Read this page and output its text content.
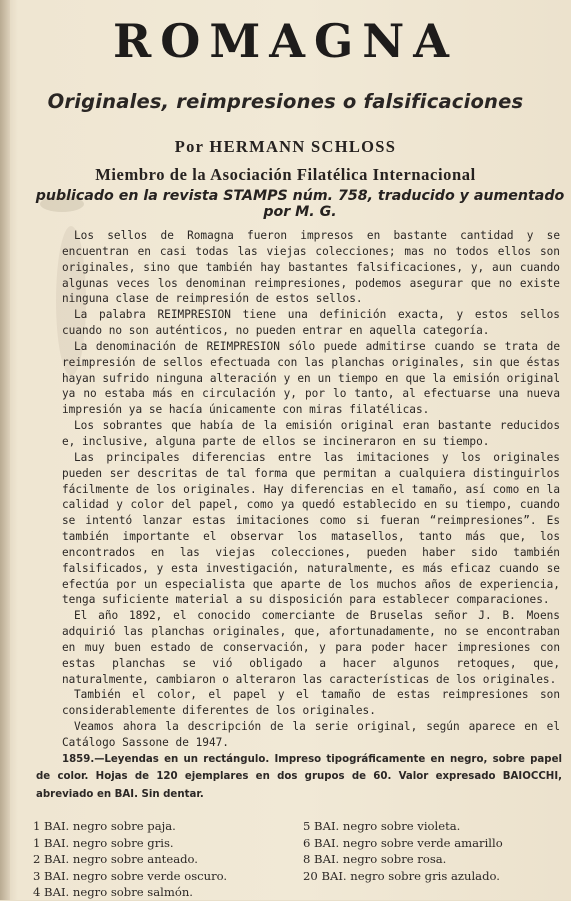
ROMAGNA
Originales, reimpresiones o falsificaciones
Por HERMANN SCHLOSS
Miembro de la Asociación Filatélica Internacional
publicado en la revista STAMPS núm. 758, traducido y aumentado por M. G.

Los sellos de Romagna fueron impresos en bastante cantidad y se encuentran en casi todas las viejas colecciones; mas no todos ellos son originales, sino que también hay bastantes falsificaciones, y, aun cuando algunas veces los denominan reimpresiones, podemos asegurar que no existe ninguna clase de reimpresión de estos sellos.

La palabra REIMPRESION tiene una definición exacta, y estos sellos cuando no son auténticos, no pueden entrar en aquella categoría.

La denominación de REIMPRESION sólo puede admitirse cuando se trata de reimpresión de sellos efectuada con las planchas originales, sin que éstas hayan sufrido ninguna alteración y en un tiempo en que la emisión original ya no estaba más en circulación y, por lo tanto, al efectuarse una nueva impresión ya se hacía únicamente con miras filatélicas.

Los sobrantes que había de la emisión original eran bastante reducidos e, inclusive, alguna parte de ellos se incineraron en su tiempo.

Las principales diferencias entre las imitaciones y los originales pueden ser descritas de tal forma que permitan a cualquiera distinguirlos fácilmente de los originales. Hay diferencias en el tamaño, así como en la calidad y color del papel, como ya quedó establecido en su tiempo, cuando se intentó lanzar estas imitaciones como si fueran “reimpresiones”. Es también importante el observar los matasellos, tanto más que, los encontrados en las viejas colecciones, pueden haber sido también falsificados, y esta investigación, naturalmente, es más eficaz cuando se efectúa por un especialista que aparte de los muchos años de experiencia, tenga suficiente material a su disposición para establecer comparaciones.

El año 1892, el conocido comerciante de Bruselas señor J. B. Moens adquirió las planchas originales, que, afortunadamente, no se encontraban en muy buen estado de conservación, y para poder hacer impresiones con estas planchas se vió obligado a hacer algunos retoques, que, naturalmente, cambiaron o alteraron las características de los originales.

También el color, el papel y el tamaño de estas reimpresiones son considerablemente diferentes de los originales.

Veamos ahora la descripción de la serie original, según aparece en el Catálogo Sassone de 1947.

1859.—Leyendas en un rectángulo. Impreso tipográficamente en negro, sobre papel de color. Hojas de 120 ejemplares en dos grupos de 60. Valor expresado BAIOCCHI, abreviado en BAI. Sin dentar.

1 BAI. negro sobre paja.
1 BAI. negro sobre gris.
2 BAI. negro sobre anteado.
3 BAI. negro sobre verde oscuro.
4 BAI. negro sobre salmón.
5 BAI. negro sobre violeta.
6 BAI. negro sobre verde amarillo
8 BAI. negro sobre rosa.
20 BAI. negro sobre gris azulado.
